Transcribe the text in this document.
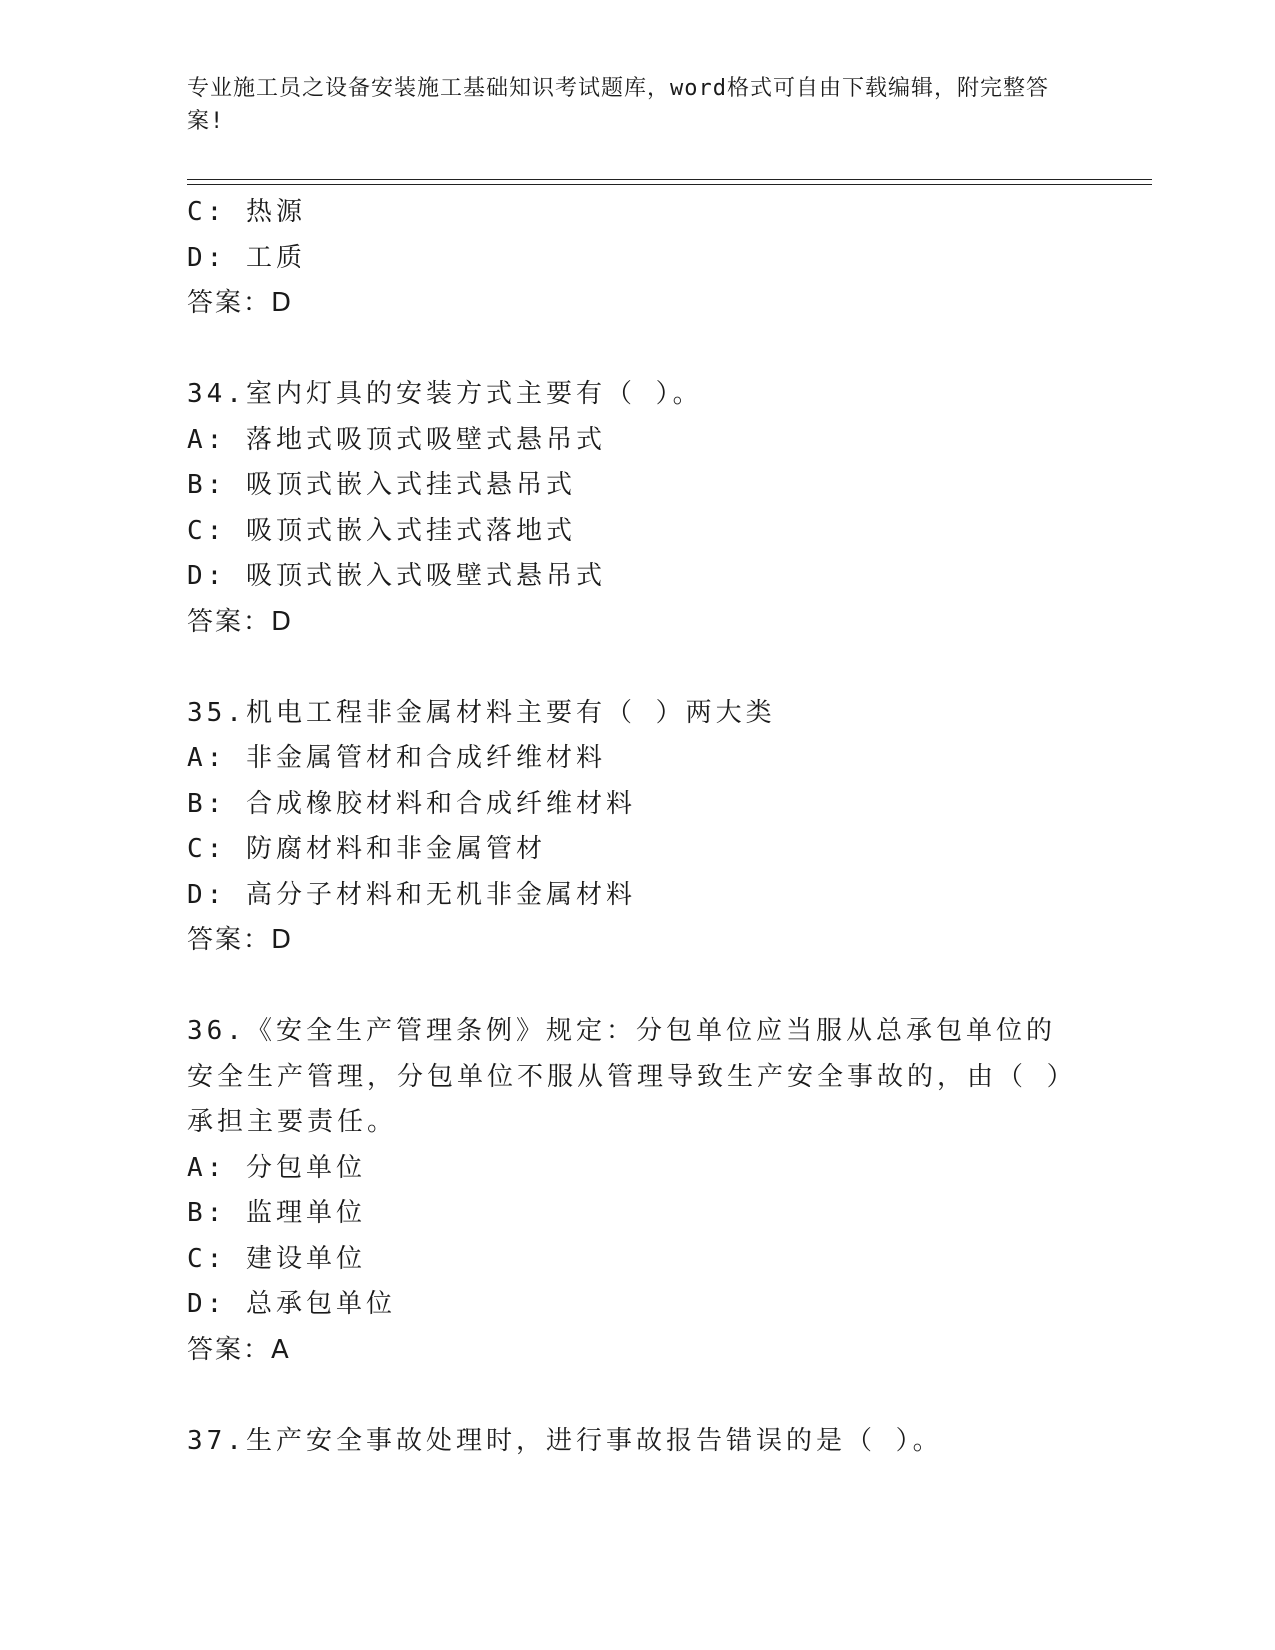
专业施工员之设备安装施工基础知识考试题库，word格式可自由下载编辑，附完整答案!
C: 热源
D: 工质
答案：D
34.室内灯具的安装方式主要有（ ）。
A: 落地式吸顶式吸壁式悬吊式
B: 吸顶式嵌入式挂式悬吊式
C: 吸顶式嵌入式挂式落地式
D: 吸顶式嵌入式吸壁式悬吊式
答案：D
35.机电工程非金属材料主要有（ ）两大类
A: 非金属管材和合成纤维材料
B: 合成橡胶材料和合成纤维材料
C: 防腐材料和非金属管材
D: 高分子材料和无机非金属材料
答案：D
36.《安全生产管理条例》规定：分包单位应当服从总承包单位的安全生产管理，分包单位不服从管理导致生产安全事故的，由（ ）承担主要责任。
A: 分包单位
B: 监理单位
C: 建设单位
D: 总承包单位
答案：A
37.生产安全事故处理时，进行事故报告错误的是（ ）。
